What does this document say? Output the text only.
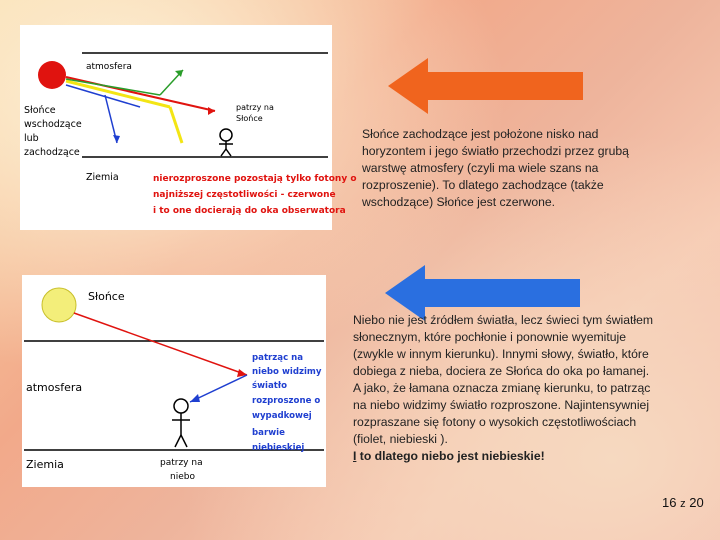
atmosfera
Słońce
wschodzące
lub
zachodzące
patrzy na
Słońce
Ziemia	nierozproszone pozostają tylko fotony o
najniższej częstotliwości - czerwone
i to one docierają do oka obserwatora
Słońce
atmosfera
Ziemia	patrzy na
niebo
patrząc na
niebo widzimy
światło
rozproszone o
wypadkowej
barwie
niebieskiej

Słońce zachodzące jest położone nisko nad horyzontem i jego światło przechodzi przez grubą warstwę atmosfery (czyli ma wiele szans na rozproszenie). To dlatego zachodzące (także wschodzące) Słońce jest czerwone.

Niebo nie jest źródłem światła, lecz świeci tym światłem słonecznym, które pochłonie i ponownie wyemituje (zwykle w innym kierunku). Innymi słowy, światło, które dobiega z nieba, dociera ze Słońca do oka po łamanej. A jako, że łamana oznacza zmianę kierunku, to patrząc na niebo widzimy światło rozproszone. Najintensywniej rozpraszane się fotony o wysokich częstotliwościach (fiolet, niebieski ).
I to dlatego niebo jest niebieskie!

16 z 20
